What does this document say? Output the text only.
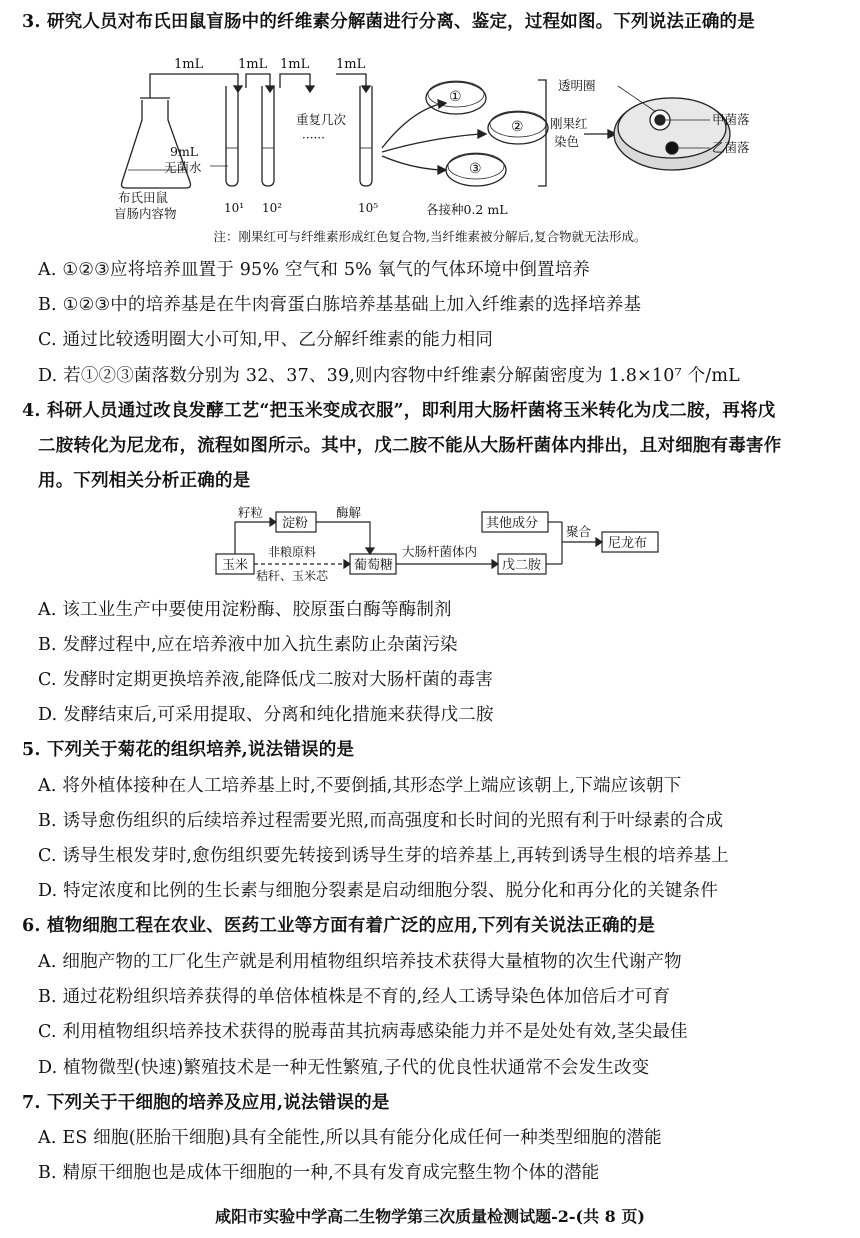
3. 研究人员对布氏田鼠盲肠中的纤维素分解菌进行分离、鉴定，过程如图。下列说法正确的是
1mL	1mL 1mL 1mL
重复几次
······
9mL
无菌水
布氏田鼠
盲肠内容物	10¹ 10²	10⁵
①
②
③
各接种0.2 mL
刚果红
染色
透明圈
甲菌落
乙菌落
注：刚果红可与纤维素形成红色复合物,当纤维素被分解后,复合物就无法形成。
A. ①②③应将培养皿置于 95% 空气和 5% 氧气的气体环境中倒置培养
B. ①②③中的培养基是在牛肉膏蛋白胨培养基基础上加入纤维素的选择培养基
C. 通过比较透明圈大小可知,甲、乙分解纤维素的能力相同
D. 若①②③菌落数分别为 32、37、39,则内容物中纤维素分解菌密度为 1.8×10⁷ 个/mL
4. 科研人员通过改良发酵工艺“把玉米变成衣服”，即利用大肠杆菌将玉米转化为戊二胺，再将戊
二胺转化为尼龙布，流程如图所示。其中，戊二胺不能从大肠杆菌体内排出，且对细胞有毒害作
用。下列相关分析正确的是
籽粒
淀粉
酶解
玉米
非粮原料
秸秆、玉米芯
葡萄糖
大肠杆菌体内
其他成分
聚合
戊二胺
尼龙布
A. 该工业生产中要使用淀粉酶、胶原蛋白酶等酶制剂
B. 发酵过程中,应在培养液中加入抗生素防止杂菌污染
C. 发酵时定期更换培养液,能降低戊二胺对大肠杆菌的毒害
D. 发酵结束后,可采用提取、分离和纯化措施来获得戊二胺
5. 下列关于菊花的组织培养,说法错误的是
A. 将外植体接种在人工培养基上时,不要倒插,其形态学上端应该朝上,下端应该朝下
B. 诱导愈伤组织的后续培养过程需要光照,而高强度和长时间的光照有利于叶绿素的合成
C. 诱导生根发芽时,愈伤组织要先转接到诱导生芽的培养基上,再转到诱导生根的培养基上
D. 特定浓度和比例的生长素与细胞分裂素是启动细胞分裂、脱分化和再分化的关键条件
6. 植物细胞工程在农业、医药工业等方面有着广泛的应用,下列有关说法正确的是
A. 细胞产物的工厂化生产就是利用植物组织培养技术获得大量植物的次生代谢产物
B. 通过花粉组织培养获得的单倍体植株是不育的,经人工诱导染色体加倍后才可育
C. 利用植物组织培养技术获得的脱毒苗其抗病毒感染能力并不是处处有效,茎尖最佳
D. 植物微型(快速)繁殖技术是一种无性繁殖,子代的优良性状通常不会发生改变
7. 下列关于干细胞的培养及应用,说法错误的是
A. ES 细胞(胚胎干细胞)具有全能性,所以具有能分化成任何一种类型细胞的潜能
B. 精原干细胞也是成体干细胞的一种,不具有发育成完整生物个体的潜能
咸阳市实验中学高二生物学第三次质量检测试题-2-(共 8 页)
